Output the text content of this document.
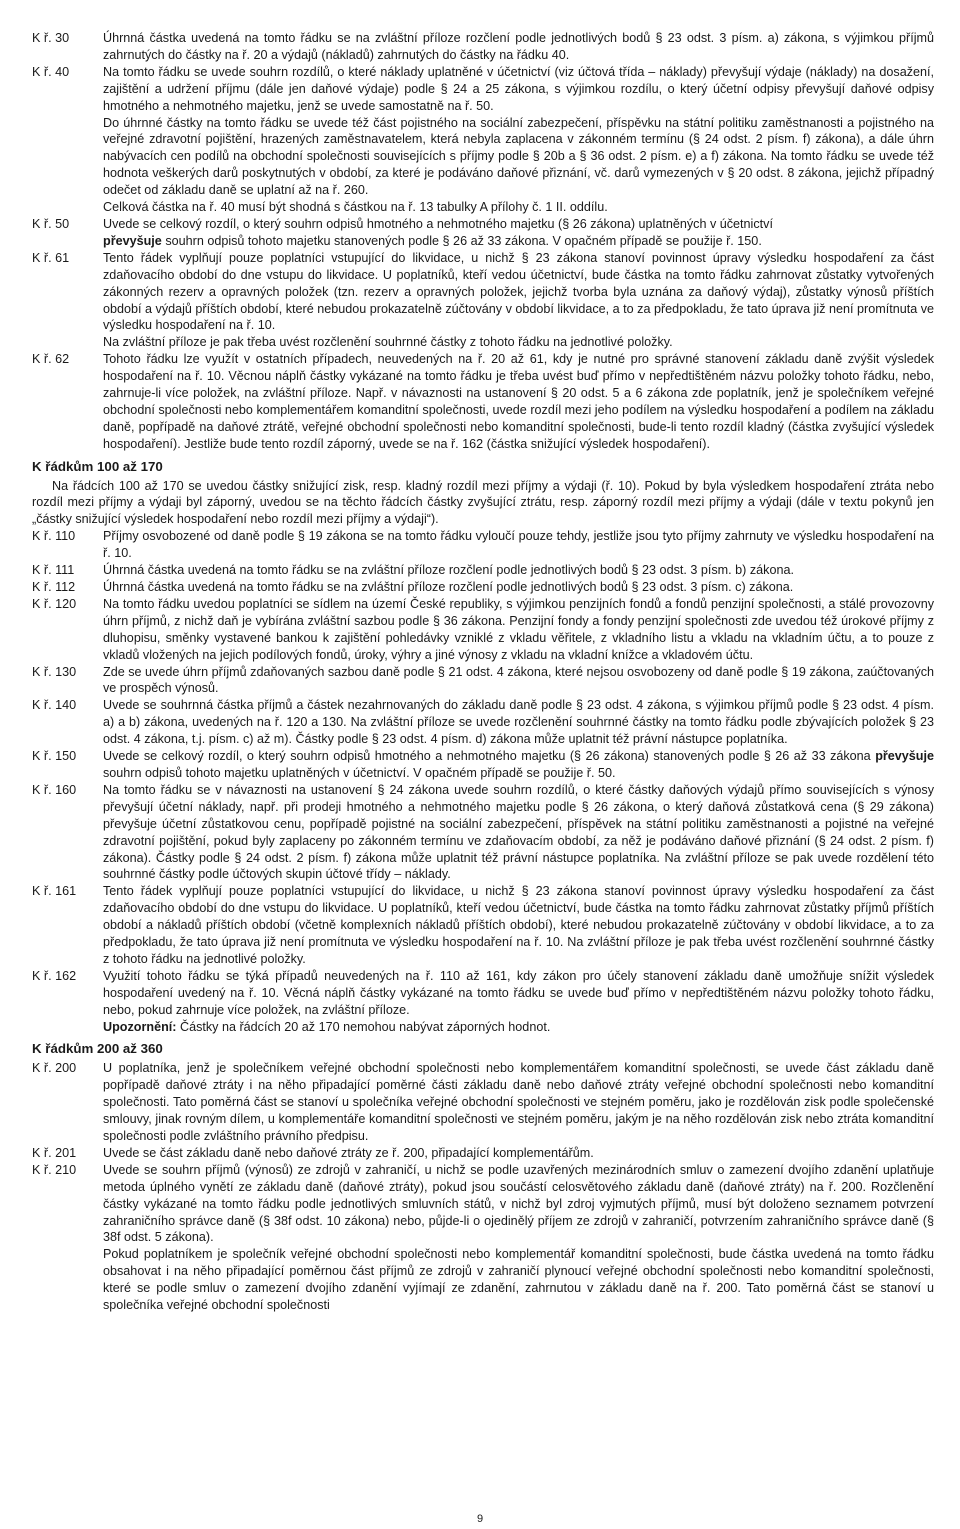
K ř. 30	Úhrnná částka uvedená na tomto řádku se na zvláštní příloze rozčlení podle jednotlivých bodů § 23 odst. 3 písm. a) zákona, s výjimkou příjmů zahrnutých do částky na ř. 20 a výdajů (nákladů) zahrnutých do částky na řádku 40.
K ř. 40	Na tomto řádku se uvede souhrn rozdílů, o které náklady uplatněné v účetnictví (viz účtová třída – náklady) převyšují výdaje (náklady) na dosažení, zajištění a udržení příjmu (dále jen daňové výdaje) podle § 24 a 25 zákona, s výjimkou rozdílu, o který účetní odpisy převyšují daňové odpisy hmotného a nehmotného majetku, jenž se uvede samostatně na ř. 50.

Do úhrnné částky na tomto řádku se uvede též část pojistného na sociální zabezpečení, příspěvku na státní politiku zaměstnanosti a pojistného na veřejné zdravotní pojištění, hrazených zaměstnavatelem, která nebyla zaplacena v zákonném termínu (§ 24 odst. 2 písm. f) zákona), a dále úhrn nabývacích cen podílů na obchodní společnosti souvisejících s příjmy podle § 20b a § 36 odst. 2 písm. e) a f) zákona. Na tomto řádku se uvede též hodnota veškerých darů poskytnutých v období, za které je podáváno daňové přiznání, vč. darů vymezených v § 20 odst. 8 zákona, jejichž případný odečet od základu daně se uplatní až na ř. 260.

Celková částka na ř. 40 musí být shodná s částkou na ř. 13 tabulky A přílohy č. 1 II. oddílu.

K ř. 50	Uvede se celkový rozdíl, o který souhrn odpisů hmotného a nehmotného majetku (§ 26 zákona) uplatněných v účetnictví

převyšuje souhrn odpisů tohoto majetku stanovených podle § 26 až 33 zákona. V opačném případě se použije ř. 150.

K ř. 61	Tento řádek vyplňují pouze poplatníci vstupující do likvidace, u nichž § 23 zákona stanoví povinnost úpravy výsledku hospodaření za část zdaňovacího období do dne vstupu do likvidace. U poplatníků, kteří vedou účetnictví, bude částka na tomto řádku zahrnovat zůstatky vytvořených zákonných rezerv a opravných položek (tzn. rezerv a opravných položek, jejichž tvorba byla uznána za daňový výdaj), zůstatky výnosů příštích období a výdajů příštích období, které nebudou prokazatelně zúčtovány v období likvidace, a to za předpokladu, že tato úprava již není promítnuta ve výsledku hospodaření na ř. 10.

Na zvláštní příloze je pak třeba uvést rozčlenění souhrnné částky z tohoto řádku na jednotlivé položky.

K ř. 62	Tohoto řádku lze využít v ostatních případech, neuvedených na ř. 20 až 61, kdy je nutné pro správné stanovení základu daně zvýšit výsledek hospodaření na ř. 10. Věcnou náplň částky vykázané na tomto řádku je třeba uvést buď přímo v nepředtištěném názvu položky tohoto řádku, nebo, zahrnuje-li více položek, na zvláštní příloze. Např. v návaznosti na ustanovení § 20 odst. 5 a 6 zákona zde poplatník, jenž je společníkem veřejné obchodní společnosti nebo komplementářem komanditní společnosti, uvede rozdíl mezi jeho podílem na výsledku hospodaření a podílem na základu daně, popřípadě na daňové ztrátě, veřejné obchodní společnosti nebo komanditní společnosti, bude-li tento rozdíl kladný (částka zvyšující výsledek hospodaření). Jestliže bude tento rozdíl záporný, uvede se na ř. 162 (částka snižující výsledek hospodaření).
K řádkům 100 až 170

Na řádcích 100 až 170 se uvedou částky snižující zisk, resp. kladný rozdíl mezi příjmy a výdaji (ř. 10). Pokud by byla výsledkem hospodaření ztráta nebo rozdíl mezi příjmy a výdaji byl záporný, uvedou se na těchto řádcích částky zvyšující ztrátu, resp. záporný rozdíl mezi příjmy a výdaji (dále v textu pokynů jen „částky snižující výsledek hospodaření nebo rozdíl mezi příjmy a výdaji“).

K ř. 110	Příjmy osvobozené od daně podle § 19 zákona se na tomto řádku vyloučí pouze tehdy, jestliže jsou tyto příjmy zahrnuty ve výsledku hospodaření na ř. 10.
K ř. 111	Úhrnná částka uvedená na tomto řádku se na zvláštní příloze rozčlení podle jednotlivých bodů § 23 odst. 3 písm. b) zákona.
K ř. 112	Úhrnná částka uvedená na tomto řádku se na zvláštní příloze rozčlení podle jednotlivých bodů § 23 odst. 3 písm. c) zákona.
K ř. 120	Na tomto řádku uvedou poplatníci se sídlem na území České republiky, s výjimkou penzijních fondů a fondů penzijní společnosti, a stálé provozovny úhrn příjmů, z nichž daň je vybírána zvláštní sazbou podle § 36 zákona. Penzijní fondy a fondy penzijní společnosti zde uvedou též úrokové příjmy z dluhopisu, směnky vystavené bankou k zajištění pohledávky vzniklé z vkladu věřitele, z vkladního listu a vkladu na vkladním účtu, a to pouze z vkladů vložených na jejich podílových fondů, úroky, výhry a jiné výnosy z vkladu na vkladní knížce a vkladovém účtu.
K ř. 130	Zde se uvede úhrn příjmů zdaňovaných sazbou daně podle § 21 odst. 4 zákona, které nejsou osvobozeny od daně podle § 19 zákona, zaúčtovaných ve prospěch výnosů.
K ř. 140	Uvede se souhrnná částka příjmů a částek nezahrnovaných do základu daně podle § 23 odst. 4 zákona, s výjimkou příjmů podle § 23 odst. 4 písm. a) a b) zákona, uvedených na ř. 120 a 130. Na zvláštní příloze se uvede rozčlenění souhrnné částky na tomto řádku podle zbývajících položek § 23 odst. 4 zákona, t.j. písm. c) až m). Částky podle § 23 odst. 4 písm. d) zákona může uplatnit též právní nástupce poplatníka.
K ř. 150	Uvede se celkový rozdíl, o který souhrn odpisů hmotného a nehmotného majetku (§ 26 zákona) stanovených podle § 26 až 33 zákona převyšuje souhrn odpisů tohoto majetku uplatněných v účetnictví. V opačném případě se použije ř. 50.
K ř. 160	Na tomto řádku se v návaznosti na ustanovení § 24 zákona uvede souhrn rozdílů, o které částky daňových výdajů přímo souvisejících s výnosy převyšují účetní náklady, např. při prodeji hmotného a nehmotného majetku podle § 26 zákona, o který daňová zůstatková cena (§ 29 zákona) převyšuje účetní zůstatkovou cenu, popřípadě pojistné na sociální zabezpečení, příspěvek na státní politiku zaměstnanosti a pojistné na veřejné zdravotní pojištění, pokud byly zaplaceny po zákonném termínu ve zdaňovacím období, za něž je podáváno daňové přiznání (§ 24 odst. 2 písm. f) zákona). Částky podle § 24 odst. 2 písm. f) zákona může uplatnit též právní nástupce poplatníka. Na zvláštní příloze se pak uvede rozdělení této souhrnné částky podle účtových skupin účtové třídy – náklady.
K ř. 161	Tento řádek vyplňují pouze poplatníci vstupující do likvidace, u nichž § 23 zákona stanoví povinnost úpravy výsledku hospodaření za část zdaňovacího období do dne vstupu do likvidace. U poplatníků, kteří vedou účetnictví, bude částka na tomto řádku zahrnovat zůstatky příjmů příštích období a nákladů příštích období (včetně komplexních nákladů příštích období), které nebudou prokazatelně zúčtovány v období likvidace, a to za předpokladu, že tato úprava již není promítnuta ve výsledku hospodaření na ř. 10. Na zvláštní příloze je pak třeba uvést rozčlenění souhrnné částky z tohoto řádku na jednotlivé položky.
K ř. 162	Využití tohoto řádku se týká případů neuvedených na ř. 110 až 161, kdy zákon pro účely stanovení základu daně umožňuje snížit výsledek hospodaření uvedený na ř. 10. Věcná náplň částky vykázané na tomto řádku se uvede buď přímo v nepředtištěném názvu položky tohoto řádku, nebo, pokud zahrnuje více položek, na zvláštní příloze.

Upozornění: Částky na řádcích 20 až 170 nemohou nabývat záporných hodnot.

K řádkům 200 až 360
K ř. 200	U poplatníka, jenž je společníkem veřejné obchodní společnosti nebo komplementářem komanditní společnosti, se uvede část základu daně popřípadě daňové ztráty i na něho připadající poměrné části základu daně nebo daňové ztráty veřejné obchodní společnosti nebo komanditní společnosti. Tato poměrná část se stanoví u společníka veřejné obchodní společnosti ve stejném poměru, jako je rozdělován zisk podle společenské smlouvy, jinak rovným dílem, u komplementáře komanditní společnosti ve stejném poměru, jakým je na něho rozdělován zisk nebo ztráta komanditní společnosti podle zvláštního právního předpisu.
K ř. 201	Uvede se část základu daně nebo daňové ztráty ze ř. 200, připadající komplementářům.
K ř. 210	Uvede se souhrn příjmů (výnosů) ze zdrojů v zahraničí, u nichž se podle uzavřených mezinárodních smluv o zamezení dvojího zdanění uplatňuje metoda úplného vynětí ze základu daně (daňové ztráty), pokud jsou součástí celosvětového základu daně (daňové ztráty) na ř. 200. Rozčlenění částky vykázané na tomto řádku podle jednotlivých smluvních států, v nichž byl zdroj vyjmutých příjmů, musí být doloženo seznamem potvrzení zahraničního správce daně (§ 38f odst. 10 zákona) nebo, půjde-li o ojedinělý příjem ze zdrojů v zahraničí, potvrzením zahraničního správce daně (§ 38f odst. 5 zákona).

Pokud poplatníkem je společník veřejné obchodní společnosti nebo komplementář komanditní společnosti, bude částka uvedená na tomto řádku obsahovat i na něho připadající poměrnou část příjmů ze zdrojů v zahraničí plynoucí veřejné obchodní společnosti nebo komanditní společnosti, které se podle smluv o zamezení dvojího zdanění vyjímají ze zdanění, zahrnutou v základu daně na ř. 200. Tato poměrná část se stanoví u společníka veřejné obchodní společnosti

9
